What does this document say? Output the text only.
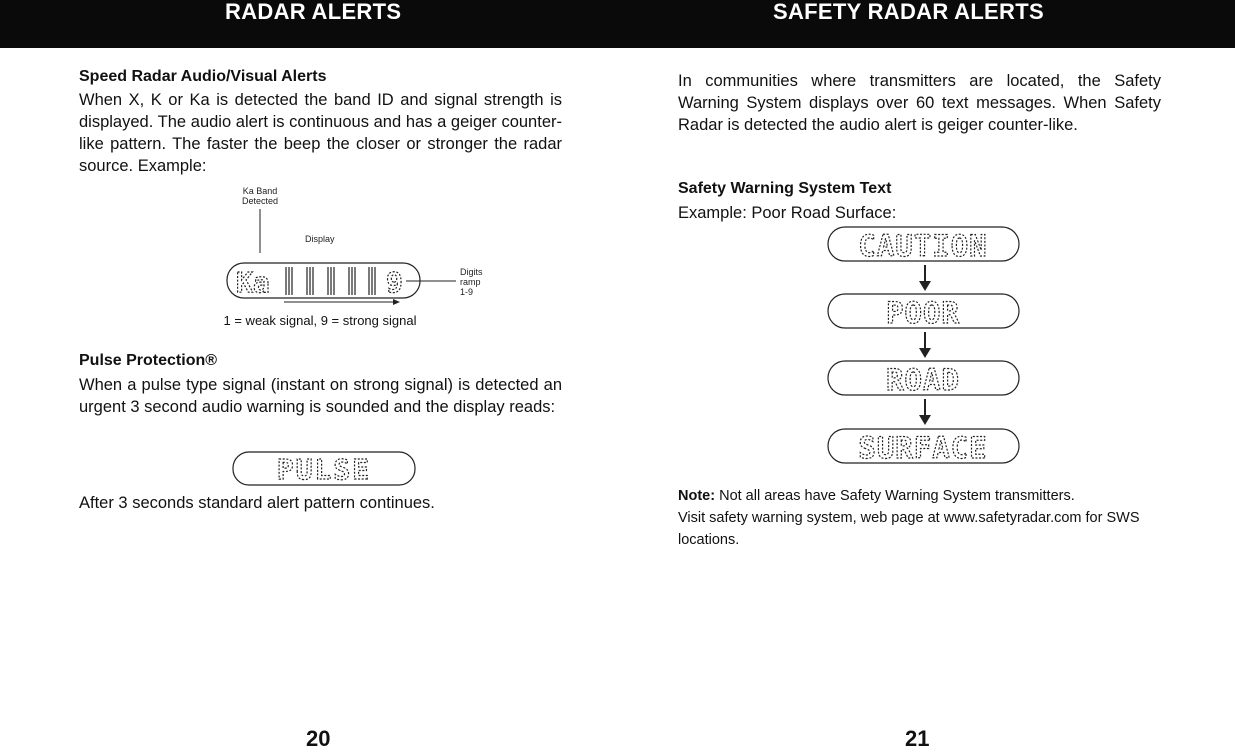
RADAR ALERTS	SAFETY RADAR ALERTS
Speed Radar Audio/Visual Alerts
When X, K or Ka is detected the band ID and signal strength is displayed. The audio alert is continuous and has a geiger counter-like pattern. The faster the beep the closer or stronger the radar source. Example:
Ka Band
Detected
Display
Ka	9	Digits
ramp
1-9
1 = weak signal, 9 = strong signal
Pulse Protection®
When a pulse type signal (instant on strong signal) is detected an urgent 3 second audio warning is sounded and the display reads:
PULSE
After 3 seconds standard alert pattern continues.
20
In communities where transmitters are located, the Safety Warning System displays over 60 text messages. When Safety Radar is detected the audio alert is geiger counter-like.
Safety Warning System Text
Example: Poor Road Surface:
CAUTION
POOR
ROAD
SURFACE
Note: Not all areas have Safety Warning System transmitters.
Visit safety warning system, web page at www.safetyradar.com for SWS locations.
21
